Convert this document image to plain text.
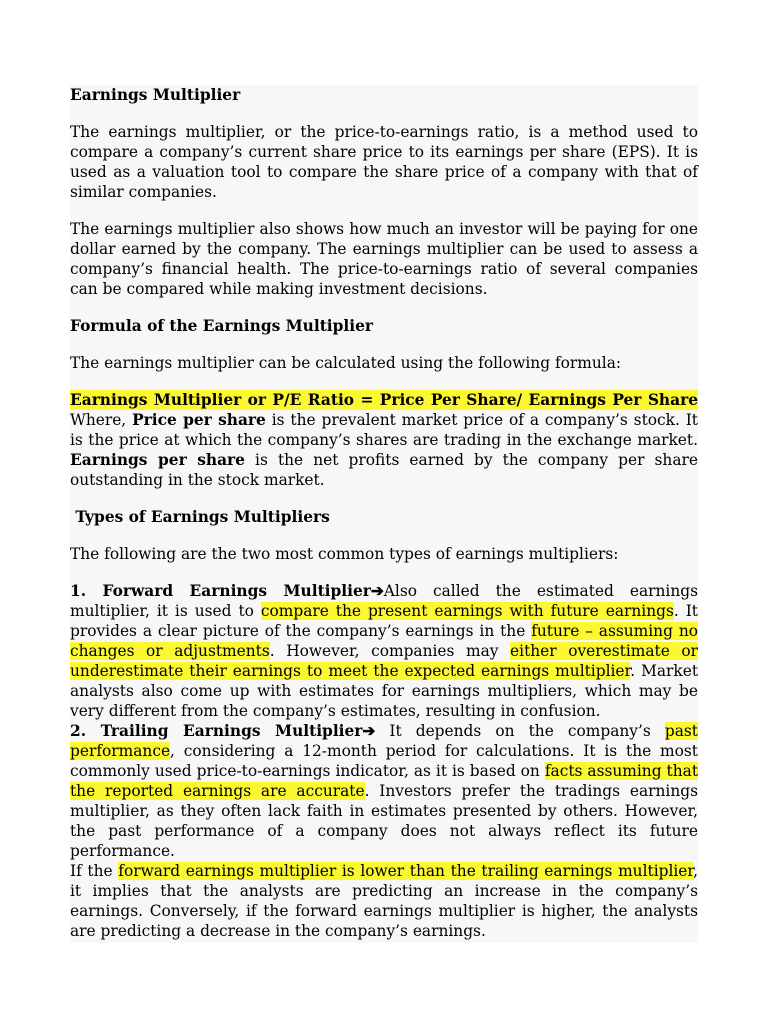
Earnings Multiplier

The earnings multiplier, or the price-to-earnings ratio, is a method used to compare a company’s current share price to its earnings per share (EPS). It is used as a valuation tool to compare the share price of a company with that of similar companies.

The earnings multiplier also shows how much an investor will be paying for one dollar earned by the company. The earnings multiplier can be used to assess a company’s financial health. The price-to-earnings ratio of several companies can be compared while making investment decisions.

Formula of the Earnings Multiplier

The earnings multiplier can be calculated using the following formula:

Earnings Multiplier or P/E Ratio = Price Per Share/ Earnings Per Share

Where, Price per share is the prevalent market price of a company’s stock. It is the price at which the company’s shares are trading in the exchange market. Earnings per share is the net profits earned by the company per share outstanding in the stock market.

Types of Earnings Multipliers

The following are the two most common types of earnings multipliers:

1. Forward Earnings Multiplier➔Also called the estimated earnings multiplier, it is used to compare the present earnings with future earnings. It provides a clear picture of the company’s earnings in the future – assuming no changes or adjustments. However, companies may either overestimate or underestimate their earnings to meet the expected earnings multiplier. Market analysts also come up with estimates for earnings multipliers, which may be very different from the company’s estimates, resulting in confusion.

2. Trailing Earnings Multiplier➔ It depends on the company’s past performance, considering a 12-month period for calculations. It is the most commonly used price-to-earnings indicator, as it is based on facts assuming that the reported earnings are accurate. Investors prefer the tradings earnings multiplier, as they often lack faith in estimates presented by others. However, the past performance of a company does not always reflect its future performance.

If the forward earnings multiplier is lower than the trailing earnings multiplier, it implies that the analysts are predicting an increase in the company’s earnings. Conversely, if the forward earnings multiplier is higher, the analysts are predicting a decrease in the company’s earnings.
